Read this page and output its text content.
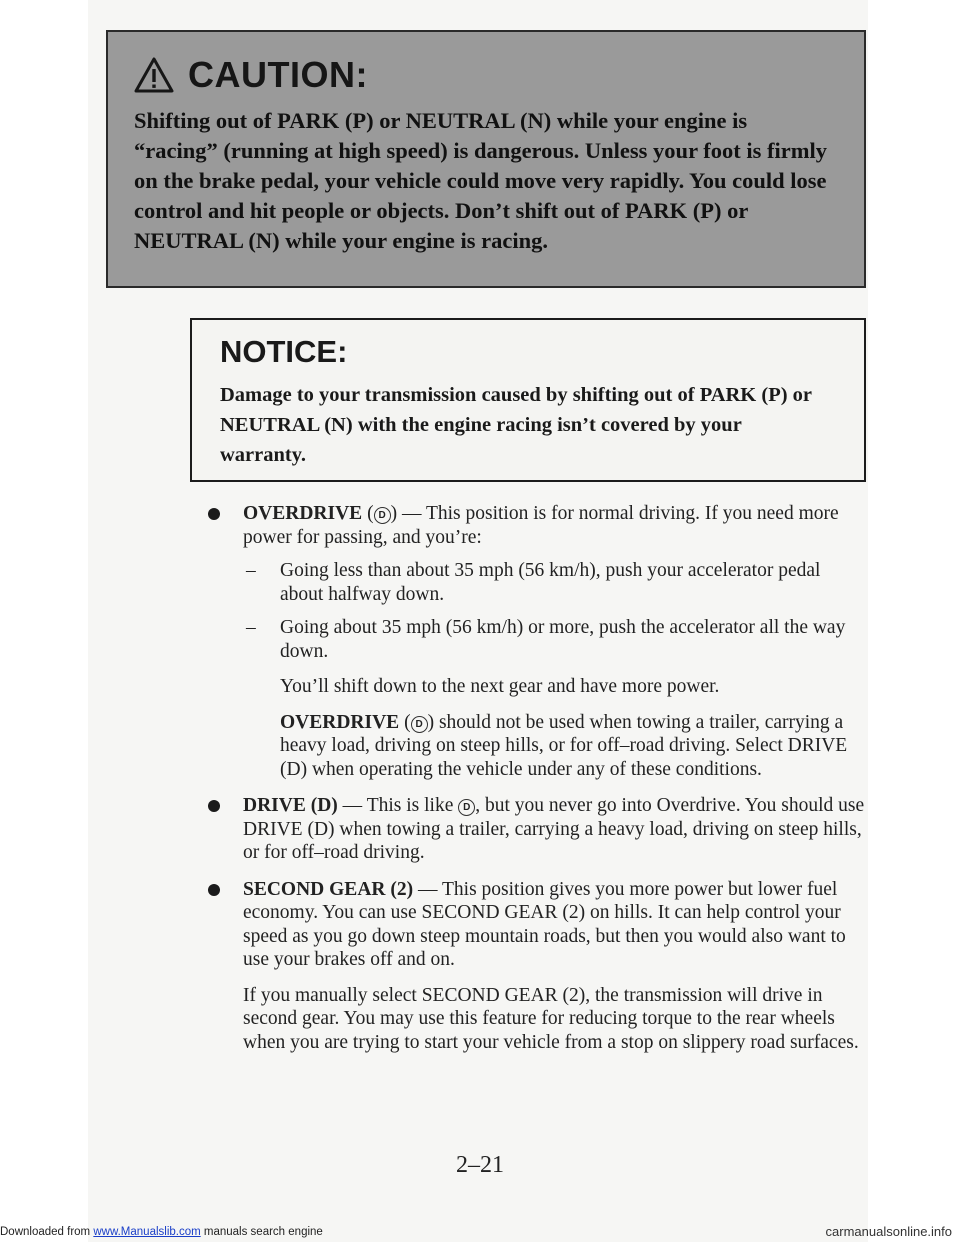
CAUTION:
Shifting out of PARK (P) or NEUTRAL (N) while your engine is “racing” (running at high speed) is dangerous. Unless your foot is firmly on the brake pedal, your vehicle could move very rapidly. You could lose control and hit people or objects. Don’t shift out of PARK (P) or NEUTRAL (N) while your engine is racing.
NOTICE:
Damage to your transmission caused by shifting out of PARK (P) or NEUTRAL (N) with the engine racing isn’t covered by your warranty.
OVERDRIVE ( D ) — This position is for normal driving. If you need more power for passing, and you’re:
– Going less than about 35 mph (56 km/h), push your accelerator pedal about halfway down.
– Going about 35 mph (56 km/h) or more, push the accelerator all the way down.
You’ll shift down to the next gear and have more power.
OVERDRIVE ( D ) should not be used when towing a trailer, carrying a heavy load, driving on steep hills, or for off–road driving. Select DRIVE (D) when operating the vehicle under any of these conditions.
DRIVE (D) — This is like D , but you never go into Overdrive. You should use DRIVE (D) when towing a trailer, carrying a heavy load, driving on steep hills, or for off–road driving.
SECOND GEAR (2) — This position gives you more power but lower fuel economy. You can use SECOND GEAR (2) on hills. It can help control your speed as you go down steep mountain roads, but then you would also want to use your brakes off and on.
If you manually select SECOND GEAR (2), the transmission will drive in second gear. You may use this feature for reducing torque to the rear wheels when you are trying to start your vehicle from a stop on slippery road surfaces.
2–21
Downloaded from www.Manualslib.com manuals search engine	carmanualsonline.info
